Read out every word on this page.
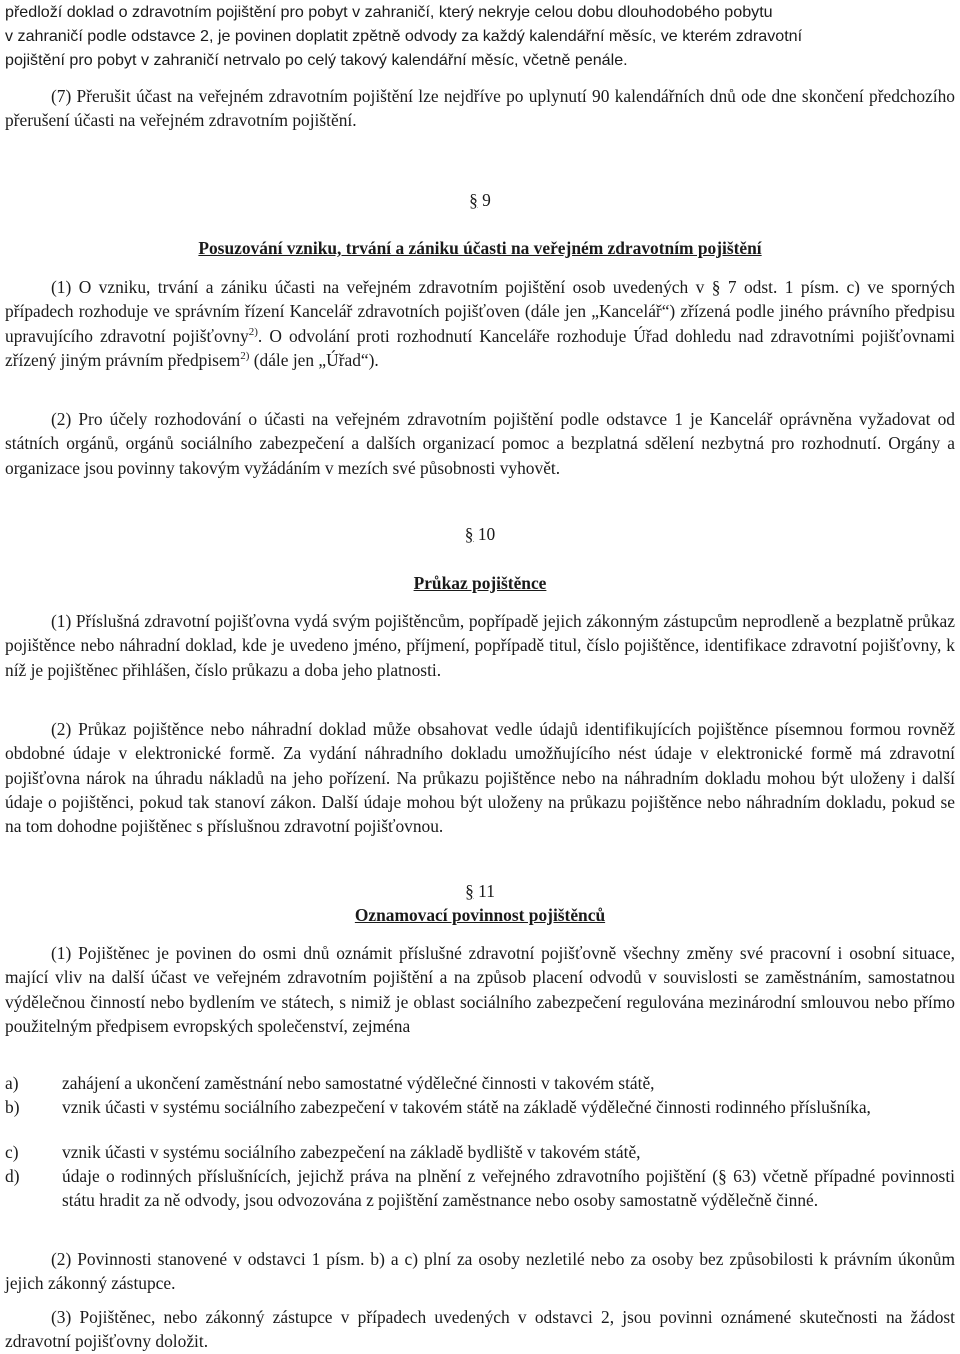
předloží doklad o zdravotním pojištění pro pobyt v zahraničí, který nekryje celou dobu dlouhodobého pobytu

v zahraničí podle odstavce 2, je povinen doplatit zpětně odvody za každý kalendářní měsíc, ve kterém zdravotní

pojištění pro pobyt v zahraničí netrvalo po celý takový kalendářní měsíc, včetně penále.

(7) Přerušit účast na veřejném zdravotním pojištění lze nejdříve po uplynutí 90 kalendářních dnů ode dne skončení předchozího přerušení účasti na veřejném zdravotním pojištění.

§ 9

Posuzování vzniku, trvání a zániku účasti na veřejném zdravotním pojištění

(1) O vzniku, trvání a zániku účasti na veřejném zdravotním pojištění osob uvedených v § 7 odst. 1 písm. c) ve sporných případech rozhoduje ve správním řízení Kancelář zdravotních pojišťoven (dále jen „Kancelář“) zřízená podle jiného právního předpisu upravujícího zdravotní pojišťovny$^{2)}$. O odvolání proti rozhodnutí Kanceláře rozhoduje Úřad dohledu nad zdravotními pojišťovnami zřízený jiným právním předpisem$^{2)}$ (dále jen „Úřad“).

(2) Pro účely rozhodování o účasti na veřejném zdravotním pojištění podle odstavce 1 je Kancelář oprávněna vyžadovat od státních orgánů, orgánů sociálního zabezpečení a dalších organizací pomoc a bezplatná sdělení nezbytná pro rozhodnutí. Orgány a organizace jsou povinny takovým vyžádáním v mezích své působnosti vyhovět.

§ 10

Průkaz pojištěnce

(1) Příslušná zdravotní pojišťovna vydá svým pojištěncům, popřípadě jejich zákonným zástupcům neprodleně a bezplatně průkaz pojištěnce nebo náhradní doklad, kde je uvedeno jméno, příjmení, popřípadě titul, číslo pojištěnce, identifikace zdravotní pojišťovny, k níž je pojištěnec přihlášen, číslo průkazu a doba jeho platnosti.

(2) Průkaz pojištěnce nebo náhradní doklad může obsahovat vedle údajů identifikujících pojištěnce písemnou formou rovněž obdobné údaje v elektronické formě. Za vydání náhradního dokladu umožňujícího nést údaje v elektronické formě má zdravotní pojišťovna nárok na úhradu nákladů na jeho pořízení. Na průkazu pojištěnce nebo na náhradním dokladu mohou být uloženy i další údaje o pojištěnci, pokud tak stanoví zákon. Další údaje mohou být uloženy na průkazu pojištěnce nebo náhradním dokladu, pokud se na tom dohodne pojištěnec s příslušnou zdravotní pojišťovnou.

§ 11

Oznamovací povinnost pojištěnců

(1) Pojištěnec je povinen do osmi dnů oznámit příslušné zdravotní pojišťovně všechny změny své pracovní i osobní situace, mající vliv na další účast ve veřejném zdravotním pojištění a na způsob placení odvodů v souvislosti se zaměstnáním, samostatnou výdělečnou činností nebo bydlením ve státech, s nimiž je oblast sociálního zabezpečení regulována mezinárodní smlouvou nebo přímo použitelným předpisem evropských společenství, zejména

a) zahájení a ukončení zaměstnání nebo samostatné výdělečné činnosti v takovém státě,

b) vznik účasti v systému sociálního zabezpečení v takovém státě na základě výdělečné činnosti rodinného příslušníka,

c) vznik účasti v systému sociálního zabezpečení na základě bydliště v takovém státě,

d) údaje o rodinných příslušnících, jejichž práva na plnění z veřejného zdravotního pojištění (§ 63) včetně případné povinnosti státu hradit za ně odvody, jsou odvozována z pojištění zaměstnance nebo osoby samostatně výdělečně činné.

(2) Povinnosti stanovené v odstavci 1 písm. b) a c) plní za osoby nezletilé nebo za osoby bez způsobilosti k právním úkonům jejich zákonný zástupce.

(3) Pojištěnec, nebo zákonný zástupce v případech uvedených v odstavci 2, jsou povinni oznámené skutečnosti na žádost zdravotní pojišťovny doložit.
